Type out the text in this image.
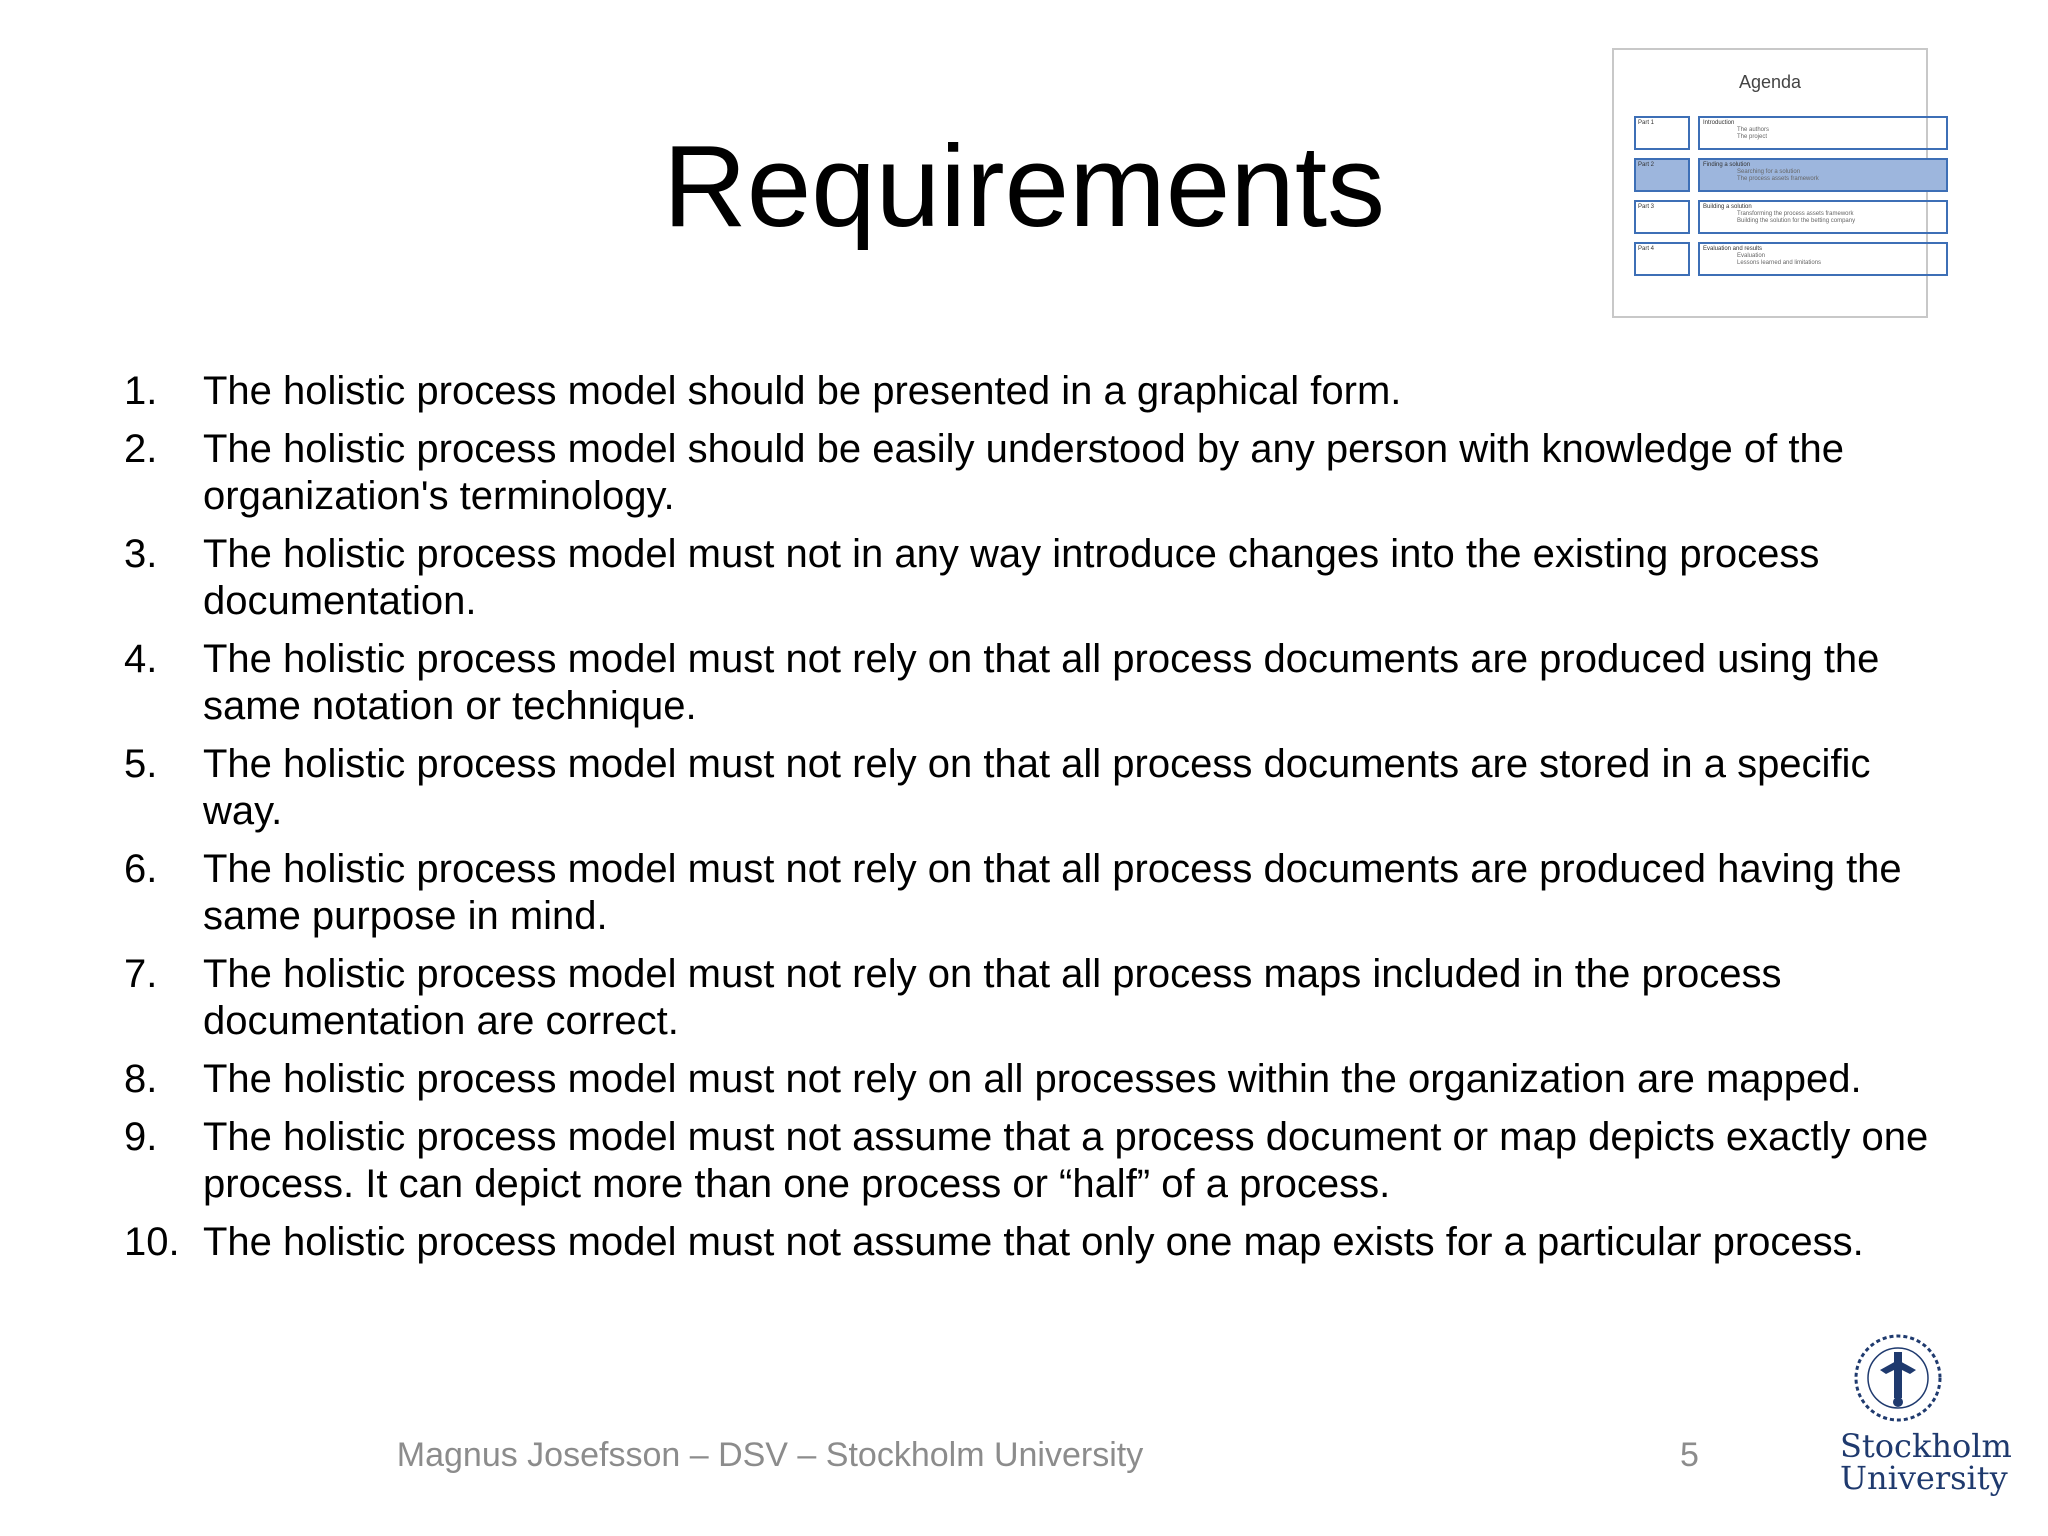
Requirements
Agenda
Part 1	Introduction
The authors
The project
Part 2	Finding a solution
Searching for a solution
The process assets framework
Part 3	Building a solution
Transforming the process assets framework
Building the solution for the betting company
Part 4	Evaluation and results
Evaluation
Lessons learned and limitations
1. The holistic process model should be presented in a graphical form.
2. The holistic process model should be easily understood by any person with knowledge of the organization's terminology.
3. The holistic process model must not in any way introduce changes into the existing process documentation.
4. The holistic process model must not rely on that all process documents are produced using the same notation or technique.
5. The holistic process model must not rely on that all process documents are stored in a specific way.
6. The holistic process model must not rely on that all process documents are produced having the same purpose in mind.
7. The holistic process model must not rely on that all process maps included in the process documentation are correct.
8. The holistic process model must not rely on all processes within the organization are mapped.
9. The holistic process model must not assume that a process document or map depicts exactly one process. It can depict more than one process or “half” of a process.
10. The holistic process model must not assume that only one map exists for a particular process.
Magnus Josefsson – DSV – Stockholm University	5	Stockholm
University
